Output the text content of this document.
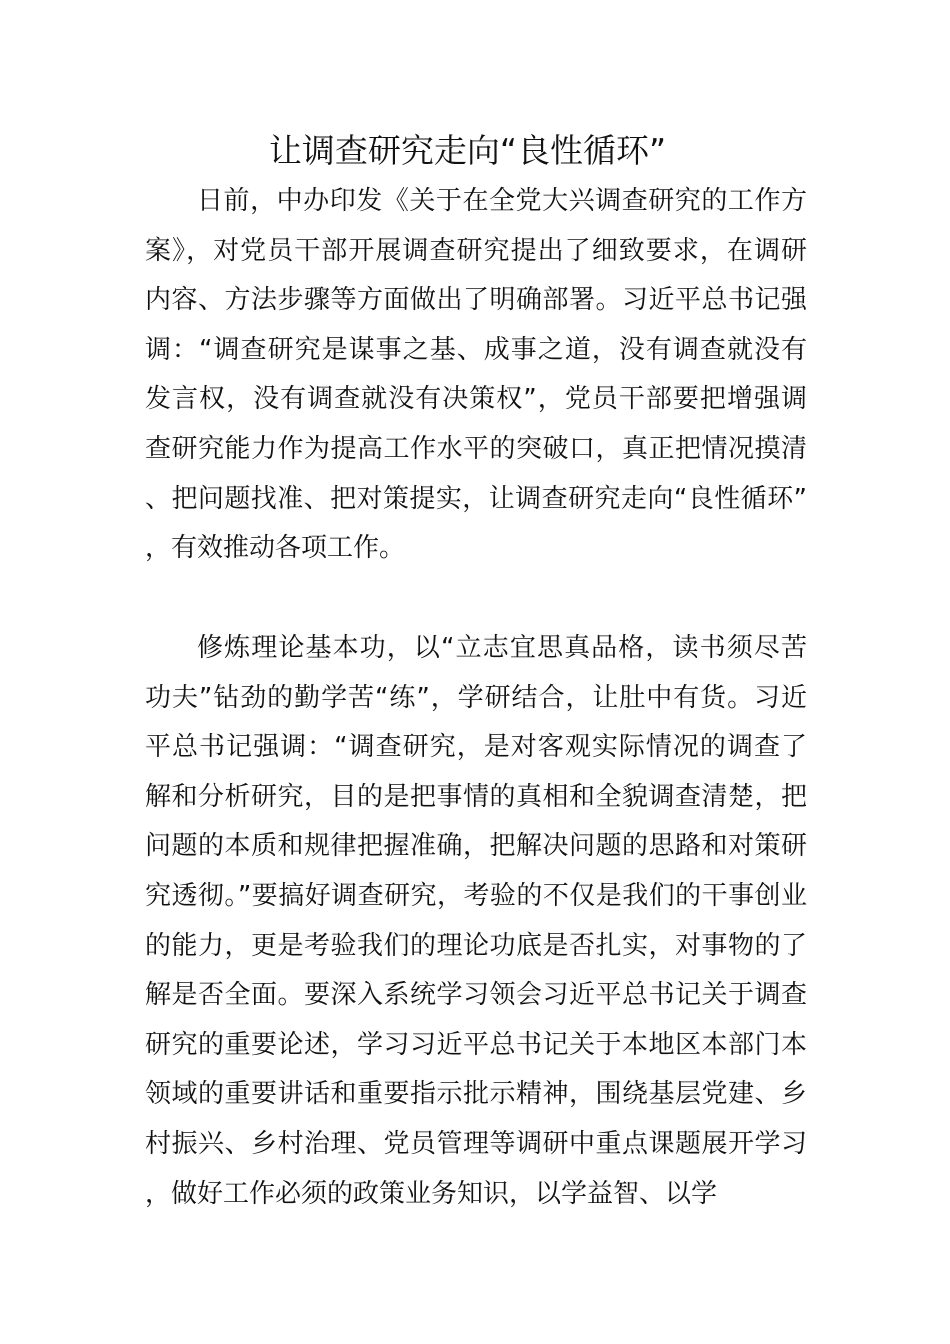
让调查研究走向“良性循环”

日前，中办印发《关于在全党大兴调查研究的工作方案》，对党员干部开展调查研究提出了细致要求，在调研内容、方法步骤等方面做出了明确部署。习近平总书记强调：“调查研究是谋事之基、成事之道，没有调查就没有发言权，没有调查就没有决策权”，党员干部要把增强调查研究能力作为提高工作水平的突破口，真正把情况摸清、把问题找准、把对策提实，让调查研究走向“良性循环”，有效推动各项工作。

修炼理论基本功，以“立志宜思真品格，读书须尽苦功夫”钻劲的勤学苦“练”，学研结合，让肚中有货。习近平总书记强调：“调查研究，是对客观实际情况的调查了解和分析研究，目的是把事情的真相和全貌调查清楚，把问题的本质和规律把握准确，把解决问题的思路和对策研究透彻。”要搞好调查研究，考验的不仅是我们的干事创业的能力，更是考验我们的理论功底是否扎实，对事物的了解是否全面。要深入系统学习领会习近平总书记关于调查研究的重要论述，学习习近平总书记关于本地区本部门本领域的重要讲话和重要指示批示精神，围绕基层党建、乡村振兴、乡村治理、党员管理等调研中重点课题展开学习，做好工作必须的政策业务知识，以学益智、以学
